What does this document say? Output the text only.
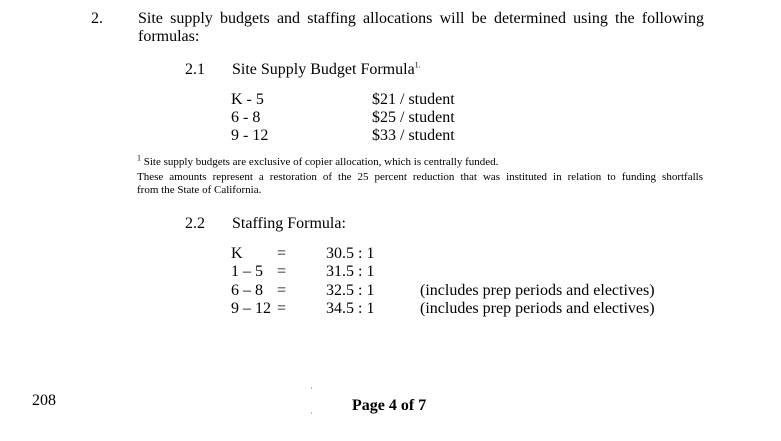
2. Site supply budgets and staffing allocations will be determined using the following
formulas:
2.1 Site Supply Budget Formula$^{1.}$
K - 5	$21 / student
6 - 8	$25 / student
9 - 12	$33 / student
$^1$ Site supply budgets are exclusive of copier allocation, which is centrally funded.
These amounts represent a restoration of the 25 percent reduction that was instituted in relation to funding shortfalls
from the State of California.
2.2 Staffing Formula:
K = 30.5 : 1
1 – 5 = 31.5 : 1
6 – 8 = 32.5 : 1	(includes prep periods and electives)
9 – 12 = 34.5 : 1	(includes prep periods and electives)
208	Page 4 of 7
